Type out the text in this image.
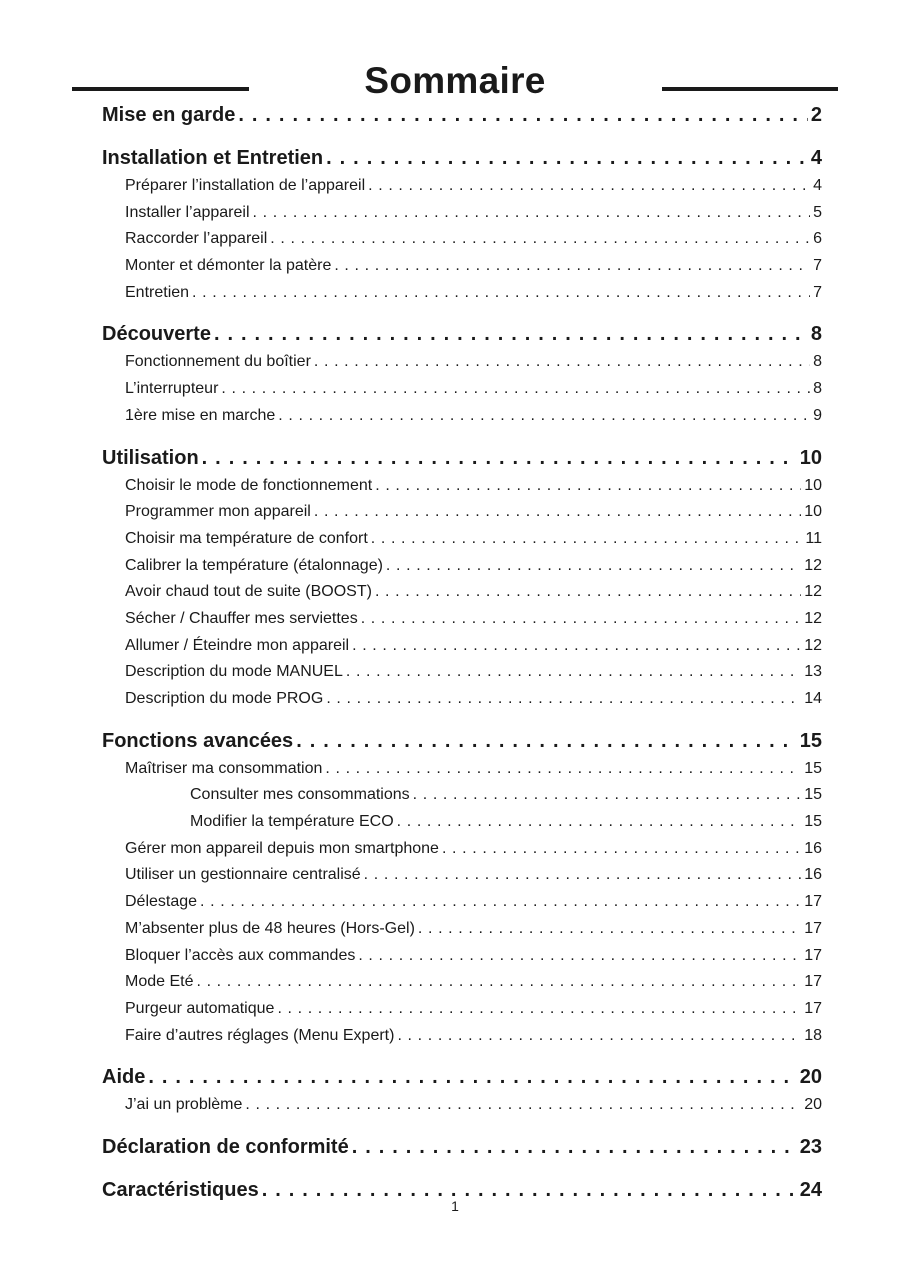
Sommaire
Mise en garde . . .	2
Installation et Entretien . . .	4
Préparer l’installation de l’appareil . . .	4
Installer l’appareil . . .	5
Raccorder l’appareil . . .	6
Monter et démonter la patère . . .	7
Entretien . . .	7
Découverte . . .	8
Fonctionnement du boîtier . . .	8
L’interrupteur . . .	8
1ère mise en marche . . .	9
Utilisation . . .	10
Choisir le mode de fonctionnement . . .	10
Programmer mon appareil . . .	10
Choisir ma température de confort . . .	11
Calibrer la température (étalonnage) . . .	12
Avoir chaud tout de suite (BOOST) . . .	12
Sécher / Chauffer mes serviettes . . .	12
Allumer / Éteindre mon appareil . . .	12
Description du mode MANUEL . . .	13
Description du mode PROG . . .	14
Fonctions avancées . . .	15
Maîtriser ma consommation . . .	15
Consulter mes consommations . . .	15
Modifier la température ECO . . .	15
Gérer mon appareil depuis mon smartphone . . .	16
Utiliser un gestionnaire centralisé . . .	16
Délestage . . .	17
M’absenter plus de 48 heures (Hors-Gel) . . .	17
Bloquer l’accès aux commandes . . .	17
Mode Eté . . .	17
Purgeur automatique . . .	17
Faire d’autres réglages (Menu Expert) . . .	18
Aide . . .	20
J’ai un problème . . .	20
Déclaration de conformité . . .	23
Caractéristiques . . .	24
1
